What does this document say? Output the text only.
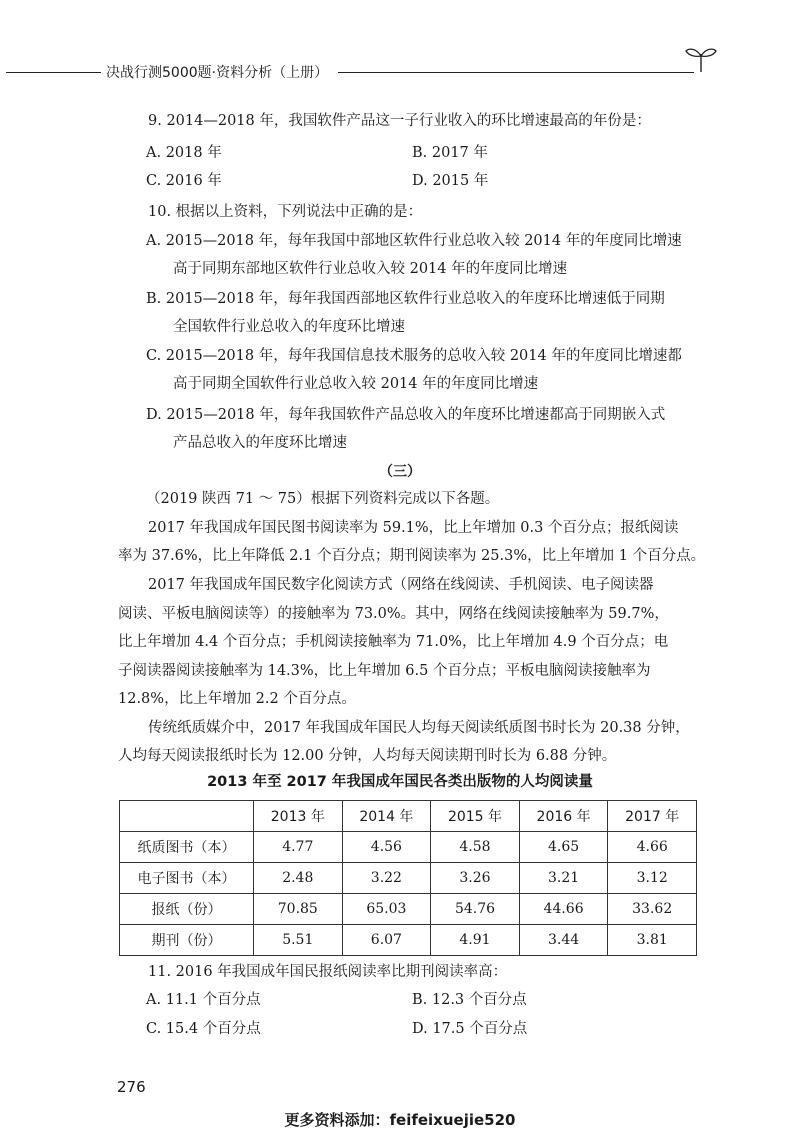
决战行测5000题·资料分析（上册）
9. 2014—2018 年，我国软件产品这一子行业收入的环比增速最高的年份是：
A. 2018 年	B. 2017 年
C. 2016 年	D. 2015 年
10. 根据以上资料，下列说法中正确的是：
A. 2015—2018 年，每年我国中部地区软件行业总收入较 2014 年的年度同比增速
高于同期东部地区软件行业总收入较 2014 年的年度同比增速
B. 2015—2018 年，每年我国西部地区软件行业总收入的年度环比增速低于同期
全国软件行业总收入的年度环比增速
C. 2015—2018 年，每年我国信息技术服务的总收入较 2014 年的年度同比增速都
高于同期全国软件行业总收入较 2014 年的年度同比增速
D. 2015—2018 年，每年我国软件产品总收入的年度环比增速都高于同期嵌入式
产品总收入的年度环比增速
（三）
（2019 陕西 71 ～ 75）根据下列资料完成以下各题。
2017 年我国成年国民图书阅读率为 59.1%，比上年增加 0.3 个百分点；报纸阅读
率为 37.6%，比上年降低 2.1 个百分点；期刊阅读率为 25.3%，比上年增加 1 个百分点。
2017 年我国成年国民数字化阅读方式（网络在线阅读、手机阅读、电子阅读器
阅读、平板电脑阅读等）的接触率为 73.0%。其中，网络在线阅读接触率为 59.7%，
比上年增加 4.4 个百分点；手机阅读接触率为 71.0%，比上年增加 4.9 个百分点；电
子阅读器阅读接触率为 14.3%，比上年增加 6.5 个百分点；平板电脑阅读接触率为
12.8%，比上年增加 2.2 个百分点。
传统纸质媒介中，2017 年我国成年国民人均每天阅读纸质图书时长为 20.38 分钟，
人均每天阅读报纸时长为 12.00 分钟，人均每天阅读期刊时长为 6.88 分钟。
2013 年至 2017 年我国成年国民各类出版物的人均阅读量
	2013 年	2014 年	2015 年	2016 年	2017 年
纸质图书（本）	4.77	4.56	4.58	4.65	4.66
电子图书（本）	2.48	3.22	3.26	3.21	3.12
报纸（份）	70.85	65.03	54.76	44.66	33.62
期刊（份）	5.51	6.07	4.91	3.44	3.81
11. 2016 年我国成年国民报纸阅读率比期刊阅读率高：
A. 11.1 个百分点	B. 12.3 个百分点
C. 15.4 个百分点	D. 17.5 个百分点
276
更多资料添加：feifeixuejie520
